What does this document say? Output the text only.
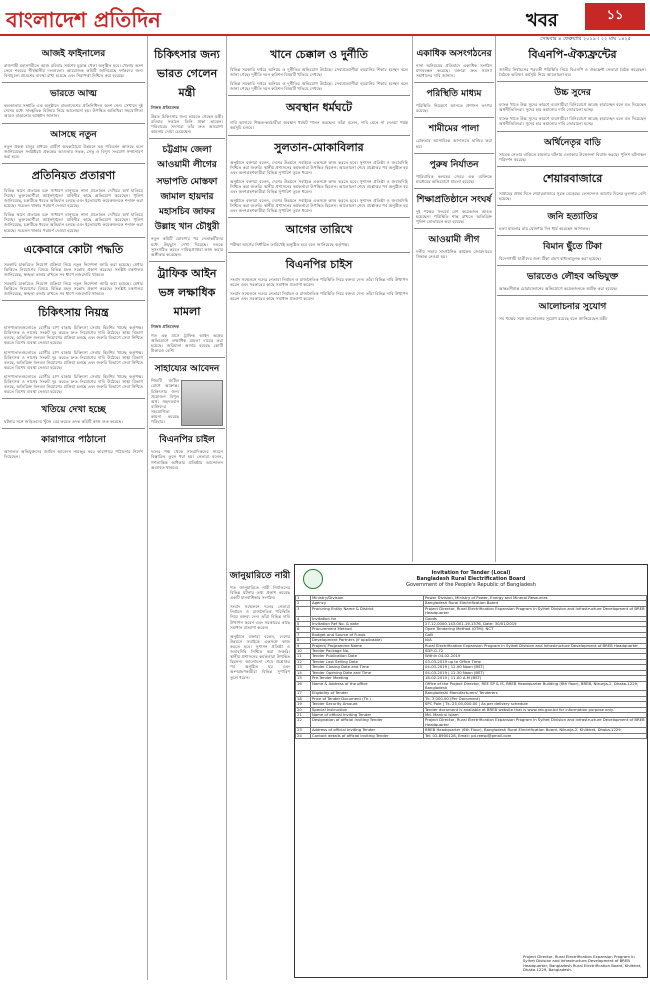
বাংলাদেশ প্রতিদিন	খবর	১১
সোমবার ৪ ফেব্রুয়ারি ২০১৯ । ২২ মাঘ ১৪২৫
আজই ফাইনালের
রাজশাহী মহানগরীতে আজ রবিবার সর্বশেষ চূড়ান্ত খেলা অনুষ্ঠিত হবে। খেলায় অংশ নেবে শহরের শীর্ষস্থানীয় দলগুলো। আয়োজক কমিটি জানিয়েছে দর্শকদের জন্য বিনামূল্যে প্রবেশের ব্যবস্থা রাখা হয়েছে এবং নিরাপত্তা নিশ্চিত করা হয়েছে।
ভারতে আত্ম
কলকাতায় সম্প্রতি এক অনুষ্ঠানে বাংলাদেশের প্রতিনিধিদল অংশ নেন। সেখানে দুই দেশের মধ্যে সাংস্কৃতিক বিনিময় নিয়ে আলোচনা হয়। উপস্থিত অতিথিরা সহযোগিতা আরও বাড়ানোর আহ্বান জানান।
আসছে নতুন
নতুন প্রকল্প চালুর মাধ্যমে গ্রামীণ অবকাঠামো উন্নয়নে বড় পরিবর্তন আসছে বলে জানিয়েছেন সংশ্লিষ্টরা। প্রকল্পের আওতায় সড়ক, সেতু ও বিদ্যুৎ সংযোগ সম্প্রসারণ করা হবে।
প্রতিনিয়ত প্রতারণা
বিভিন্ন স্থানে প্রতারক চক্র সাধারণ মানুষকে নানা প্রলোভন দেখিয়ে অর্থ হাতিয়ে নিচ্ছে। ভুক্তভোগীরা আইনশৃঙ্খলা বাহিনীর কাছে অভিযোগ করেছেন। পুলিশ জানিয়েছে, চক্রটিকে ধরতে অভিযান চলছে এবং ইতোমধ্যে কয়েকজনকে শনাক্ত করা হয়েছে। সচেতন থাকার পরামর্শ দেওয়া হয়েছে।
বিভিন্ন স্থানে প্রতারক চক্র সাধারণ মানুষকে নানা প্রলোভন দেখিয়ে অর্থ হাতিয়ে নিচ্ছে। ভুক্তভোগীরা আইনশৃঙ্খলা বাহিনীর কাছে অভিযোগ করেছেন। পুলিশ জানিয়েছে, চক্রটিকে ধরতে অভিযান চলছে এবং ইতোমধ্যে কয়েকজনকে শনাক্ত করা হয়েছে। সচেতন থাকার পরামর্শ দেওয়া হয়েছে।
একেবারে কোটা পদ্ধতি
সরকারি চাকরিতে নিয়োগ প্রক্রিয়া নিয়ে নতুন নির্দেশনা জারি করা হয়েছে। মেধার ভিত্তিতে নিয়োগের বিষয়ে বিভিন্ন মহল সন্তোষ প্রকাশ করেছে। সংশ্লিষ্ট মন্ত্রণালয় জানিয়েছে, স্বচ্ছতা বজায় রাখতে সব ধাপে নজরদারি থাকবে।
সরকারি চাকরিতে নিয়োগ প্রক্রিয়া নিয়ে নতুন নির্দেশনা জারি করা হয়েছে। মেধার ভিত্তিতে নিয়োগের বিষয়ে বিভিন্ন মহল সন্তোষ প্রকাশ করেছে। সংশ্লিষ্ট মন্ত্রণালয় জানিয়েছে, স্বচ্ছতা বজায় রাখতে সব ধাপে নজরদারি থাকবে।
চিকিৎসায় নিয়ন্ত্র
হাসপাতালগুলোতে রোগীর চাপ বাড়ায় চিকিৎসা সেবায় হিমশিম খাচ্ছে কর্তৃপক্ষ। চিকিৎসক ও নার্সের সংকট দূর করতে দ্রুত নিয়োগের দাবি উঠেছে। স্বাস্থ্য বিভাগ বলছে, অতিরিক্ত জনবল নিয়োগের প্রক্রিয়া চলছে এবং জরুরি বিভাগে সেবা নিশ্চিত করতে বিশেষ ব্যবস্থা নেওয়া হয়েছে।
হাসপাতালগুলোতে রোগীর চাপ বাড়ায় চিকিৎসা সেবায় হিমশিম খাচ্ছে কর্তৃপক্ষ। চিকিৎসক ও নার্সের সংকট দূর করতে দ্রুত নিয়োগের দাবি উঠেছে। স্বাস্থ্য বিভাগ বলছে, অতিরিক্ত জনবল নিয়োগের প্রক্রিয়া চলছে এবং জরুরি বিভাগে সেবা নিশ্চিত করতে বিশেষ ব্যবস্থা নেওয়া হয়েছে।
হাসপাতালগুলোতে রোগীর চাপ বাড়ায় চিকিৎসা সেবায় হিমশিম খাচ্ছে কর্তৃপক্ষ। চিকিৎসক ও নার্সের সংকট দূর করতে দ্রুত নিয়োগের দাবি উঠেছে। স্বাস্থ্য বিভাগ বলছে, অতিরিক্ত জনবল নিয়োগের প্রক্রিয়া চলছে এবং জরুরি বিভাগে সেবা নিশ্চিত করতে বিশেষ ব্যবস্থা নেওয়া হয়েছে।
খতিয়ে দেখা হচ্ছে
ঘটনার সঙ্গে জড়িতদের খুঁজে বের করতে তদন্ত কমিটি কাজ শুরু করেছে।
কারাগারে পাঠানো
আদালত অভিযুক্তদের জামিন আবেদন নামঞ্জুর করে কারাগারে পাঠানোর নির্দেশ দিয়েছেন।
চিকিৎসার জন্য ভারত গেলেন মন্ত্রী
নিজস্ব প্রতিবেদক
উন্নত চিকিৎসার জন্য ভারতে গেছেন মন্ত্রী। রবিবার সকালে তিনি ঢাকা ছাড়েন। পরিবারের সদস্যরা তাঁর দ্রুত আরোগ্য কামনায় দোয়া চেয়েছেন।
চট্টগ্রাম জেলা আওয়ামী লীগের
সভাপতি মোস্তফা জামাল হায়দার মহাসচিব জাফর উল্লাহ খান চৌধুরী
নতুন কমিটি ঘোষণার পর নেতাকর্মীদের মধ্যে উচ্ছ্বাস দেখা দিয়েছে। দলকে সুসংগঠিত করতে দায়িত্বপ্রাপ্তরা কাজ করার অঙ্গীকার করেছেন।
ট্রাফিক আইন ভঙ্গ লক্ষাধিক মামলা
নিজস্ব প্রতিবেদক
গত এক মাসে ট্রাফিক আইন ভঙ্গের অভিযোগে লক্ষাধিক মামলা দায়ের করা হয়েছে। জরিমানা আদায় হয়েছে কোটি টাকারও বেশি।
সাহায্যের আবেদন
শিশুটি জটিল রোগে আক্রান্ত। চিকিৎসার জন্য প্রয়োজন বিপুল অর্থ। সহৃদয়বান ব্যক্তিদের সহযোগিতা কামনা করেছে পরিবার।
বিএনপির চাইল
দলের পক্ষ থেকে সাংবাদিকদের সামনে বিস্তারিত তুলে ধরা হয়। নেতারা বলেন, গণতান্ত্রিক অধিকার প্রতিষ্ঠায় আন্দোলন অব্যাহত থাকবে।
খানে চেক্কাল ও দুর্নীতি
বিভিন্ন সরকারি দপ্তরে অনিয়ম ও দুর্নীতির অভিযোগ উঠেছে। সেবাপ্রত্যাশীরা হয়রানির শিকার হচ্ছেন বলে জানা গেছে। দুর্নীতি দমন কমিশন বিষয়টি খতিয়ে দেখছে।
বিভিন্ন সরকারি দপ্তরে অনিয়ম ও দুর্নীতির অভিযোগ উঠেছে। সেবাপ্রত্যাশীরা হয়রানির শিকার হচ্ছেন বলে জানা গেছে। দুর্নীতি দমন কমিশন বিষয়টি খতিয়ে দেখছে।
অবস্থান ধর্মঘটে
দাবি আদায়ে শিক্ষক-কর্মচারীরা অবস্থান ধর্মঘট পালন করছেন। তাঁরা বলেন, দাবি মেনে না নেওয়া পর্যন্ত কর্মসূচি চলবে।
সুলতান-মোকাবিলার
অনুষ্ঠানে বক্তারা বলেন, দেশের উন্নয়নে সবাইকে একসঙ্গে কাজ করতে হবে। সুশাসন প্রতিষ্ঠা ও জবাবদিহি নিশ্চিত করা জরুরি। স্থানীয় প্রশাসনের কর্মকর্তারা উপস্থিত ছিলেন। আলোচনা শেষে প্রশ্নোত্তর পর্ব অনুষ্ঠিত হয় এবং অংশগ্রহণকারীরা বিভিন্ন সুপারিশ তুলে ধরেন।
অনুষ্ঠানে বক্তারা বলেন, দেশের উন্নয়নে সবাইকে একসঙ্গে কাজ করতে হবে। সুশাসন প্রতিষ্ঠা ও জবাবদিহি নিশ্চিত করা জরুরি। স্থানীয় প্রশাসনের কর্মকর্তারা উপস্থিত ছিলেন। আলোচনা শেষে প্রশ্নোত্তর পর্ব অনুষ্ঠিত হয় এবং অংশগ্রহণকারীরা বিভিন্ন সুপারিশ তুলে ধরেন।
অনুষ্ঠানে বক্তারা বলেন, দেশের উন্নয়নে সবাইকে একসঙ্গে কাজ করতে হবে। সুশাসন প্রতিষ্ঠা ও জবাবদিহি নিশ্চিত করা জরুরি। স্থানীয় প্রশাসনের কর্মকর্তারা উপস্থিত ছিলেন। আলোচনা শেষে প্রশ্নোত্তর পর্ব অনুষ্ঠিত হয় এবং অংশগ্রহণকারীরা বিভিন্ন সুপারিশ তুলে ধরেন।
আগের তারিখে
পরীক্ষা আগের নির্ধারিত তারিখেই অনুষ্ঠিত হবে বলে জানিয়েছে কর্তৃপক্ষ।
বিএনপির চাইস
সংবাদ সম্মেলনে দলের নেতারা নির্বাচন ও রাজনৈতিক পরিস্থিতি নিয়ে বক্তব্য দেন। তাঁরা বিভিন্ন দাবি উত্থাপন করেন এবং সরকারের কাছে সমাধান প্রত্যাশা করেন।
সংবাদ সম্মেলনে দলের নেতারা নির্বাচন ও রাজনৈতিক পরিস্থিতি নিয়ে বক্তব্য দেন। তাঁরা বিভিন্ন দাবি উত্থাপন করেন এবং সরকারের কাছে সমাধান প্রত্যাশা করেন।
জানুয়ারিতে নারী
গত জানুয়ারিতে নারী নির্যাতনের বিভিন্ন ঘটনার তথ্য প্রকাশ করেছে একটি মানবাধিকার সংগঠন।
সংবাদ সম্মেলনে দলের নেতারা নির্বাচন ও রাজনৈতিক পরিস্থিতি নিয়ে বক্তব্য দেন। তাঁরা বিভিন্ন দাবি উত্থাপন করেন এবং সরকারের কাছে সমাধান প্রত্যাশা করেন।
অনুষ্ঠানে বক্তারা বলেন, দেশের উন্নয়নে সবাইকে একসঙ্গে কাজ করতে হবে। সুশাসন প্রতিষ্ঠা ও জবাবদিহি নিশ্চিত করা জরুরি। স্থানীয় প্রশাসনের কর্মকর্তারা উপস্থিত ছিলেন। আলোচনা শেষে প্রশ্নোত্তর পর্ব অনুষ্ঠিত হয় এবং অংশগ্রহণকারীরা বিভিন্ন সুপারিশ তুলে ধরেন।
একাধিক অসংগঠনের
নানা অনিয়মের প্রতিবাদে একাধিক সংগঠন মানববন্ধন করেছে। বক্তারা দ্রুত সমস্যা সমাধানের দাবি জানান।
পরিস্থিতি মাধ্যম
পরিস্থিতি নিয়ন্ত্রণে আনতে প্রশাসন তৎপর রয়েছে।
শামীমের পালা
গ্রেফতার আসামিকে আদালতে হাজির করা হয়।
পুরুষ নির্যাতন
পারিবারিক কলহের জেরে এক ব্যক্তিকে মারধরের অভিযোগে মামলা হয়েছে।
শিক্ষাপ্রতিষ্ঠানে সংঘর্ষ
দুই পক্ষের সংঘর্ষে বেশ কয়েকজন আহত হয়েছেন। পরিস্থিতি শান্ত রাখতে অতিরিক্ত পুলিশ মোতায়েন করা হয়েছে।
আওয়ামী লীগ
দলীয় সভায় সাংগঠনিক কার্যক্রম জোরদারের সিদ্ধান্ত নেওয়া হয়।
বিএনপি-ঐক্যফ্রন্টের
জাতীয় নির্বাচনের পরবর্তী পরিস্থিতি নিয়ে বিএনপি ও ঐক্যফ্রন্ট নেতারা বৈঠক করেছেন। বৈঠকে ভবিষ্যৎ কর্মসূচি নিয়ে আলোচনা হয়।
উচ্চ সুদের
ব্যাংক খাতে উচ্চ সুদের কারণে ব্যবসায়ীরা বিনিয়োগে আগ্রহ হারাচ্ছেন বলে মত দিয়েছেন অর্থনীতিবিদরা। সুদের হার কমানোর দাবি জোরালো হচ্ছে।
ব্যাংক খাতে উচ্চ সুদের কারণে ব্যবসায়ীরা বিনিয়োগে আগ্রহ হারাচ্ছেন বলে মত দিয়েছেন অর্থনীতিবিদরা। সুদের হার কমানোর দাবি জোরালো হচ্ছে।
অর্থিনেতৃর বাড়ি
সাবেক নেতার বাড়িতে হামলার ঘটনায় এলাকায় উত্তেজনা বিরাজ করছে। পুলিশ ঘটনাস্থল পরিদর্শন করেছে।
শেয়ারবাজারে
সপ্তাহের প্রথম দিনে শেয়ারবাজারে সূচক বেড়েছে। লেনদেনও আগের দিনের তুলনায় বেশি হয়েছে।
জনি হত্যাতির
হত্যা মামলার রায় ঘোষণার দিন ধার্য করেছেন আদালত।
বিমান ছুঁতে টিকা
বিদেশগামী যাত্রীদের জন্য টিকা গ্রহণ বাধ্যতামূলক করা হয়েছে।
ভারতেও লৌহব অভিযুক্ত
আন্তঃসীমান্ত চোরাচালানের অভিযোগে কয়েকজনকে আটক করা হয়েছে।
আলোচনার সুযোগ
সব পক্ষের সঙ্গে আলোচনার সুযোগ রয়েছে বলে জানিয়েছেন মন্ত্রী।
Invitation for Tender (Local)
Bangladesh Rural Electrification Board
Government of the People's Republic of Bangladesh
1	Ministry/Division	Power Division, Ministry of Power, Energy and Mineral Resources
2	Agency	Bangladesh Rural Electrification Board
3	Procuring Entity Name & District	Project Director, Rural Electrification Expansion Program in Sylhet Division and Infrastructure Development of BREB Headquarter
4	Invitation for	Goods
5	Invitation Ref No. & date	27.12.0000.143.001.19-1576, Date: 30/01/2019
6	Procurement Method	Open Tendering Method (OTM), NCT
7	Budget and Source of Funds	GoB
8	Development Partners (if applicable)	N/A
9	Project/ Programme Name	Rural Electrification Expansion Program in Sylhet Division and Infrastructure Development of BREB Headquarter
10	Tender Package No.	SDP-G-72
11	Tender Publication Date	Within 04-02-2019
12	Tender Last Selling Date	03-03-2019 up to Office Time
13	Tender Closing Date and Time	04-03-2019 | 12.00 Noon (BST)
14	Tender Opening Date and Time	04-03-2019 | 12.30 Noon (BST)
15	Pre-Tender Meeting	18-02-2019 | 11.00 A.M (BST)
16	Name & Address of the office	Office of the Project Director, REE SP & IS, BREB Headquarter Building (6th floor), BREB, Nikunja-2, Dhaka-1229, Bangladesh
17	Eligibility of Tender	Bangladeshi Manufacturers' Tenderers
18	Price of Tender Document (Tk.)	Tk. 3,000.00 (Per Document)
19	Tender Security Amount	SPC Pole | Tk. 25,00,000.00 | As per delivery schedule
20	Special Instruction	Tender document is available at BREB website that is www.reb.gov.bd for information purpose only.
21	Name of official Inviting Tender	Md. Manirul Islam
22	Designation of official Inviting Tender	Project Director, Rural Electrification Expansion Program in Sylhet Division and Infrastructure Development of BREB Headquarter
23	Address of official Inviting Tender	BREB Headquarter (6th Floor), Bangladesh Rural Electrification Board, Nikunja-2, Khilkhet, Dhaka-1229
24	Contact details of official Inviting Tender	Tel: 02-8900128, Email: pd.reesp@gmail.com
Project Director, Rural Electrification Expansion Program in Sylhet Division and Infrastructure Development of BREB Headquarter, Bangladesh Rural Electrification Board, Khilkhet, Dhaka-1229, Bangladesh.
